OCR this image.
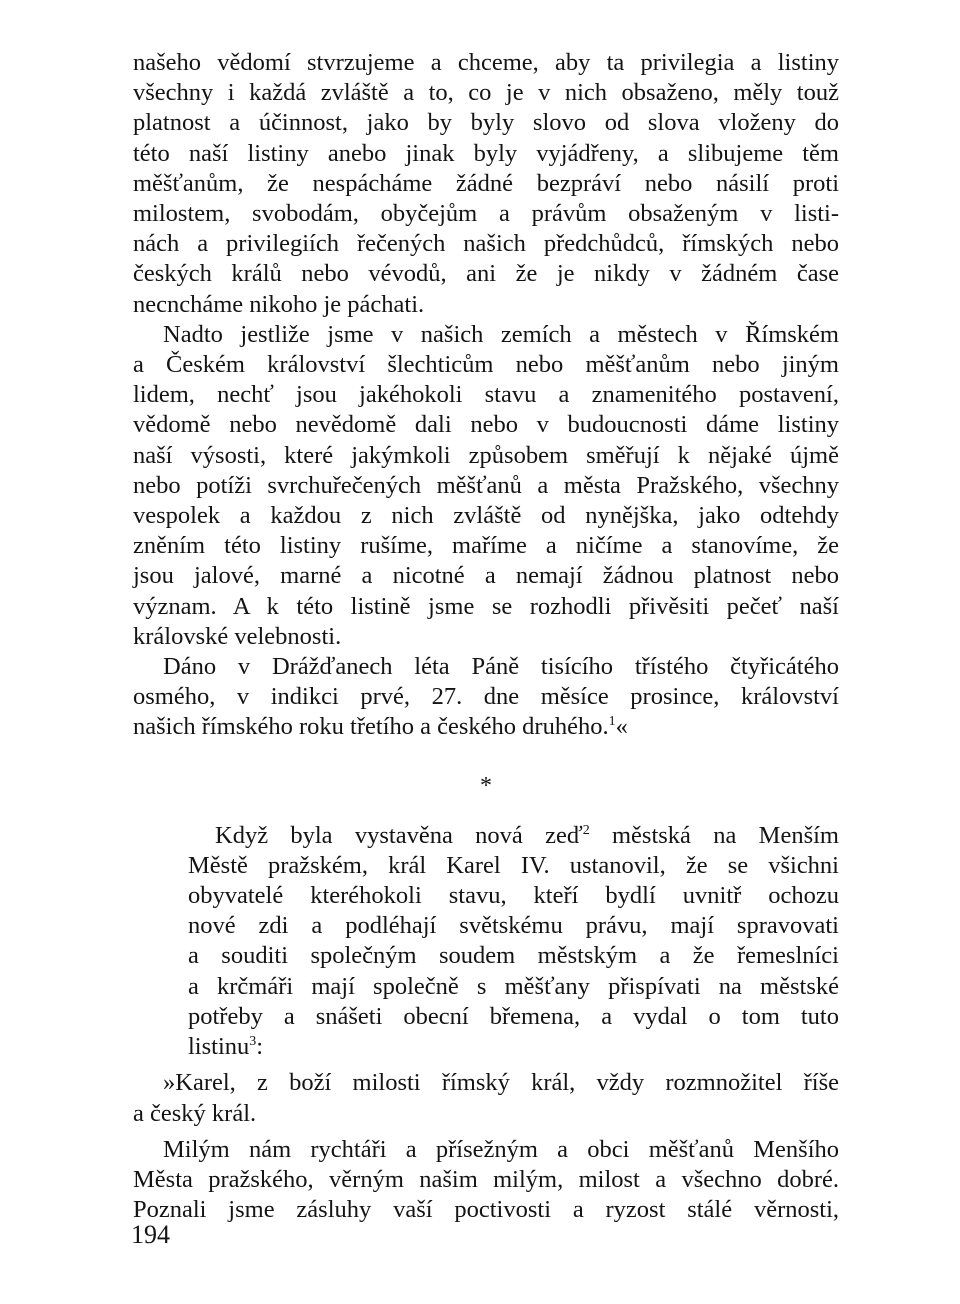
našeho vědomí stvrzujeme a chceme, aby ta privilegia a listiny
všechny i každá zvláště a to, co je v nich obsaženo, měly touž
platnost a účinnost, jako by byly slovo od slova vloženy do
této naší listiny anebo jinak byly vyjádřeny, a slibujeme těm
měšťanům, že nespácháme žádné bezpráví nebo násilí proti
milostem, svobodám, obyčejům a právům obsaženým v listi-
nách a privilegiích řečených našich předchůdců, římských nebo
českých králů nebo vévodů, ani že je nikdy v žádném čase
necncháme nikoho je páchati.
Nadto jestliže jsme v našich zemích a městech v Římském
a Českém království šlechticům nebo měšťanům nebo jiným
lidem, nechť jsou jakéhokoli stavu a znamenitého postavení,
vědomě nebo nevědomě dali nebo v budoucnosti dáme listiny
naší výsosti, které jakýmkoli způsobem směřují k nějaké újmě
nebo potíži svrchuřečených měšťanů a města Pražského, všechny
vespolek a každou z nich zvláště od nynějška, jako odtehdy
zněním této listiny rušíme, maříme a ničíme a stanovíme, že
jsou jalové, marné a nicotné a nemají žádnou platnost nebo
význam. A k této listině jsme se rozhodli přivěsiti pečeť naší
královské velebnosti.
Dáno v Drážďanech léta Páně tisícího třístého čtyřicátého
osmého, v indikci prvé, 27. dne měsíce prosince, království
našich římského roku třetího a českého druhého.$^1$«
*
Když byla vystavěna nová zeď$^2$ městská na Menším
Městě pražském, král Karel IV. ustanovil, že se všichni
obyvatelé kteréhokoli stavu, kteří bydlí uvnitř ochozu
nové zdi a podléhají světskému právu, mají spravovati
a souditi společným soudem městským a že řemeslníci
a krčmáři mají společně s měšťany přispívati na městské
potřeby a snášeti obecní břemena, a vydal o tom tuto
listinu$^3$:
»Karel, z boží milosti římský král, vždy rozmnožitel říše
a český král.
Milým nám rychtáři a přísežným a obci měšťanů Menšího
Města pražského, věrným našim milým, milost a všechno dobré.
Poznali jsme zásluhy vaší poctivosti a ryzost stálé věrnosti,
194
